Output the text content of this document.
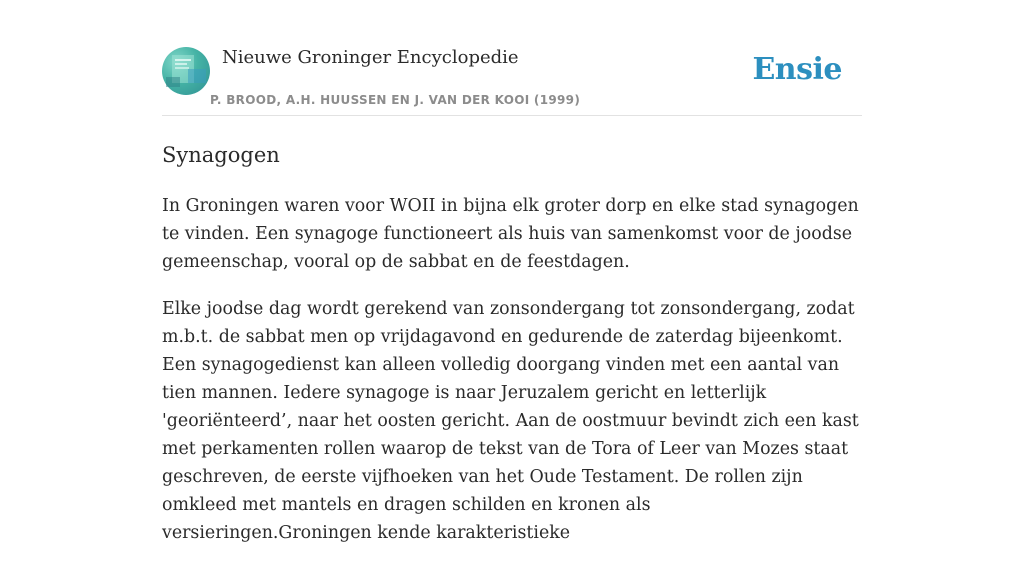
Nieuwe Groninger Encyclopedie
P. BROOD, A.H. HUUSSEN EN J. VAN DER KOOI (1999)
Ensie
Synagogen

In Groningen waren voor WOII in bijna elk groter dorp en elke stad synagogen te vinden. Een synagoge functioneert als huis van samenkomst voor de joodse gemeenschap, vooral op de sabbat en de feestdagen.

Elke joodse dag wordt gerekend van zonsondergang tot zonsondergang, zodat m.b.t. de sabbat men op vrijdagavond en gedurende de zaterdag bijeenkomt. Een synagogedienst kan alleen volledig doorgang vinden met een aantal van tien mannen. Iedere synagoge is naar Jeruzalem gericht en letterlijk 'georiënteerd’, naar het oosten gericht. Aan de oostmuur bevindt zich een kast met perkamenten rollen waarop de tekst van de Tora of Leer van Mozes staat geschreven, de eerste vijfhoeken van het Oude Testament. De rollen zijn omkleed met mantels en dragen schilden en kronen als versieringen.Groningen kende karakteristieke
